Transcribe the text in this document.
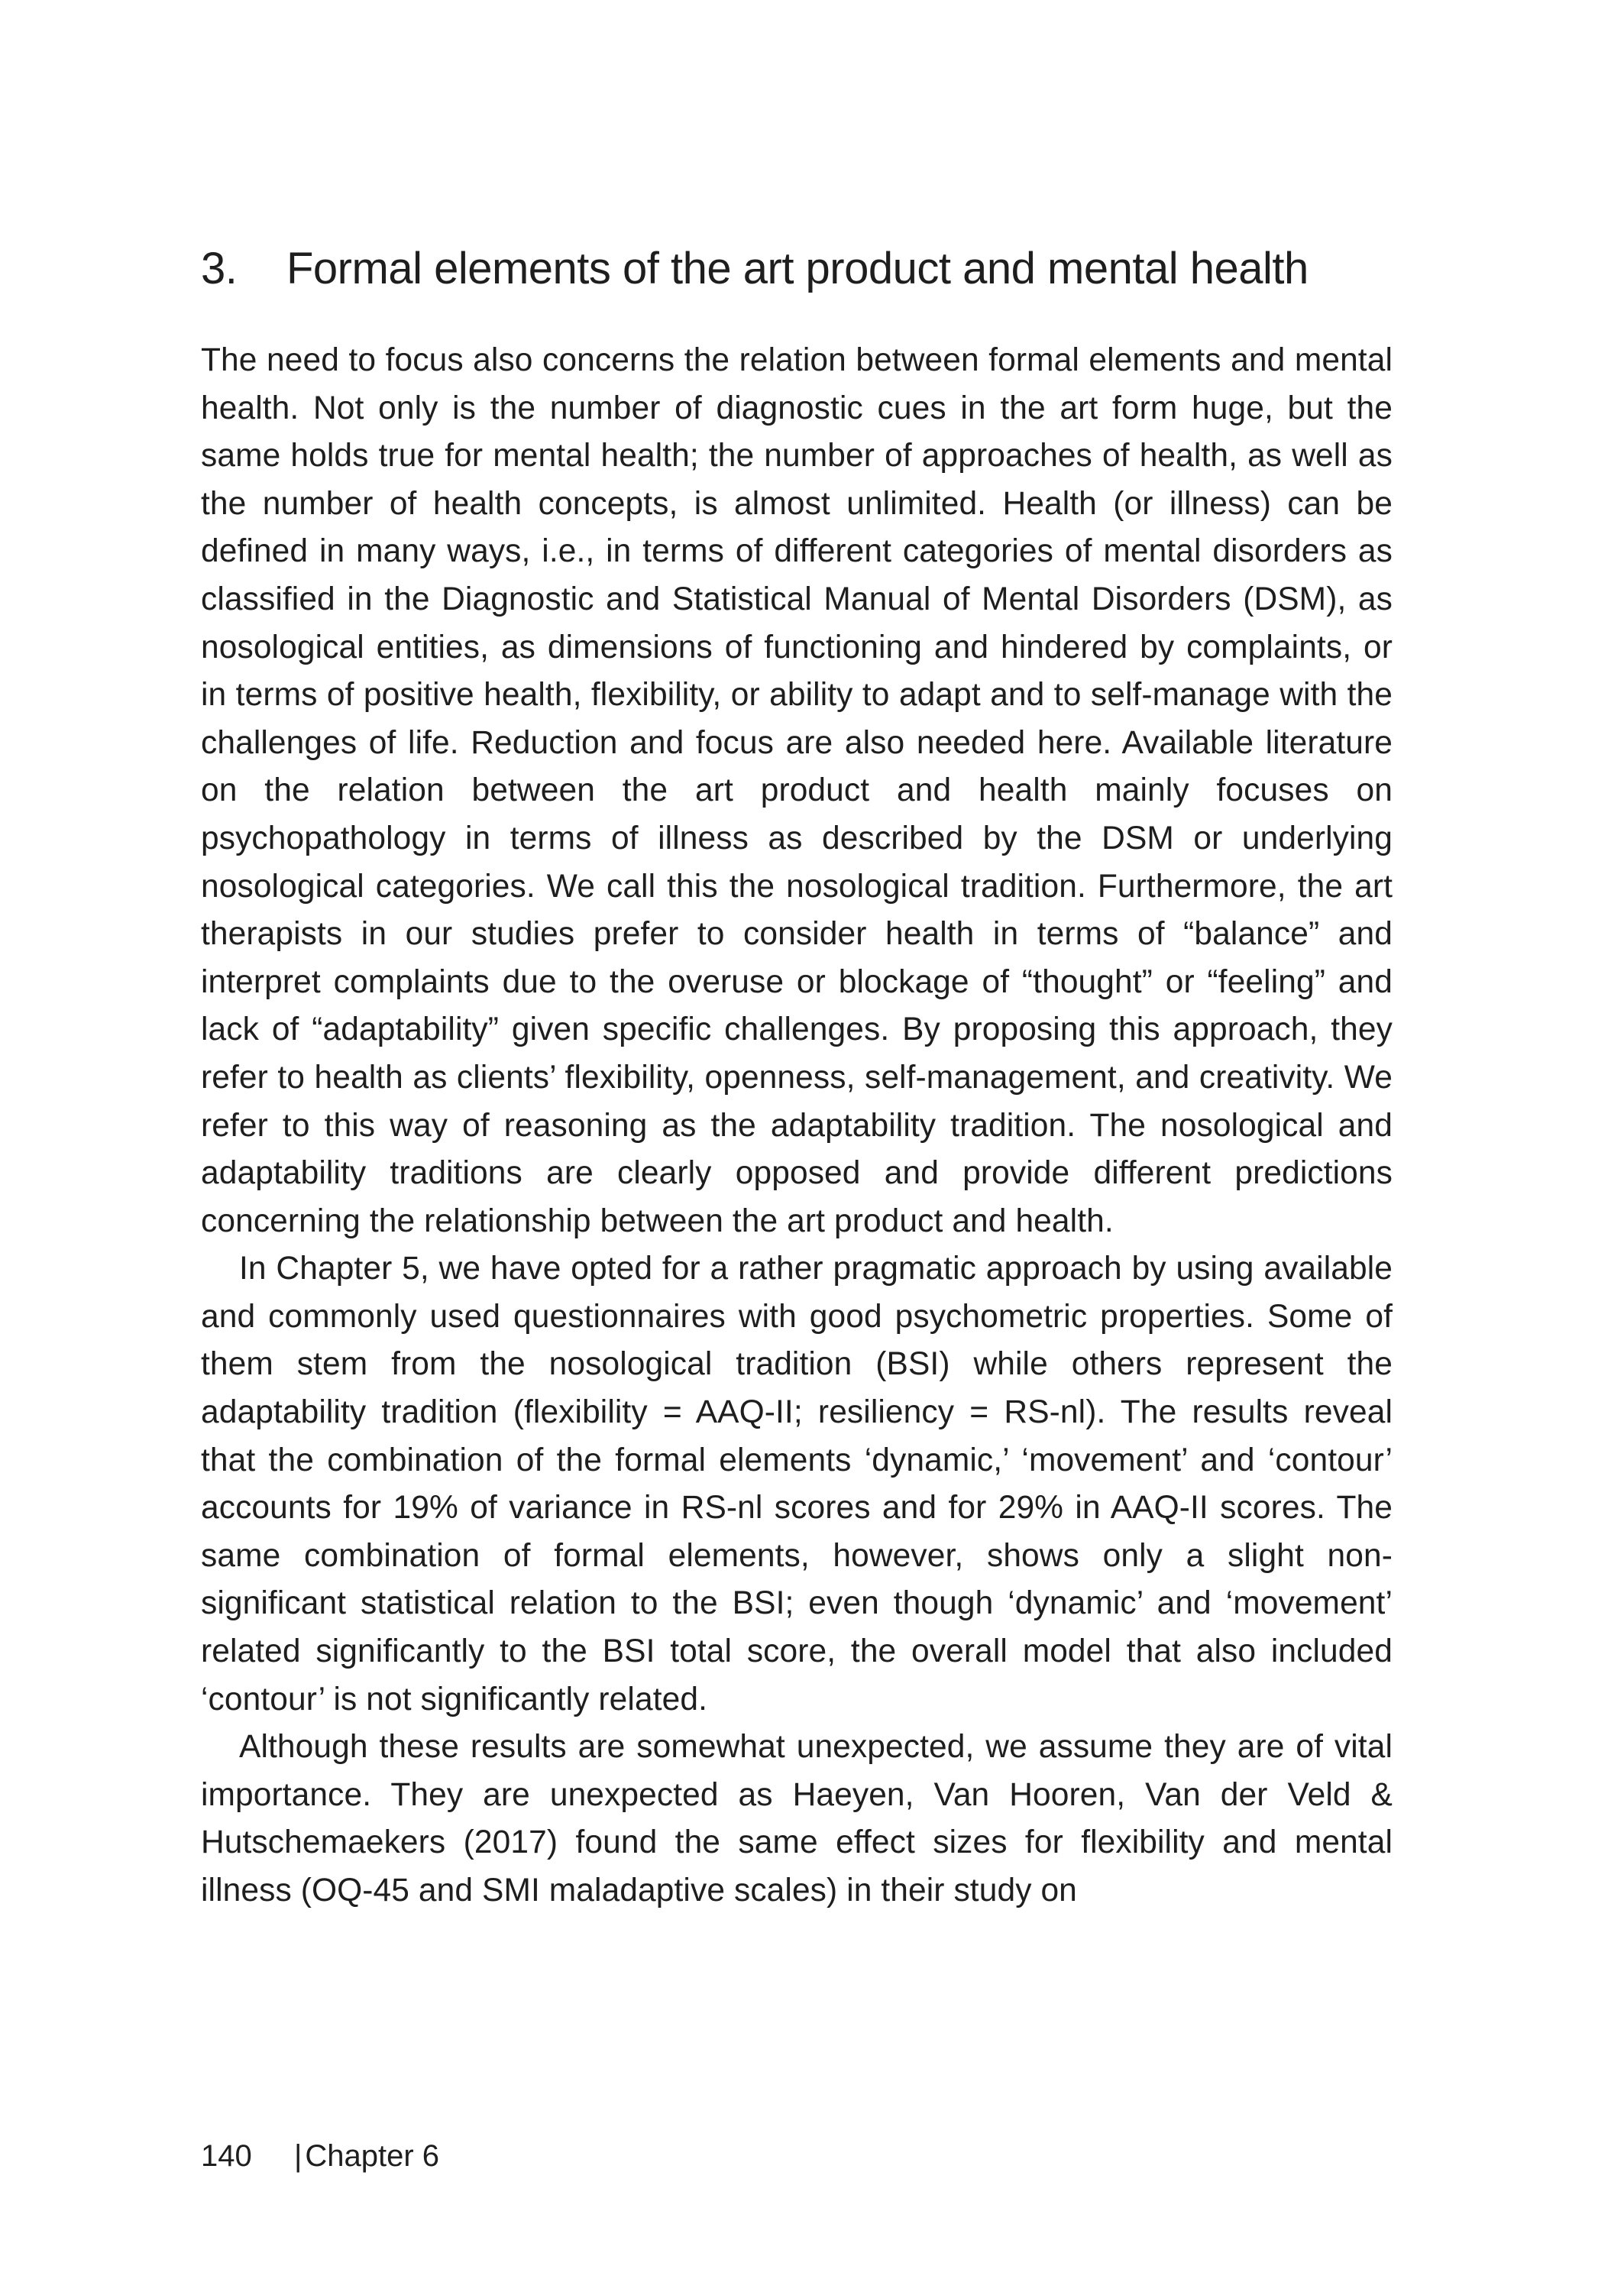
3. Formal elements of the art product and mental health

The need to focus also concerns the relation between formal elements and mental health. Not only is the number of diagnostic cues in the art form huge, but the same holds true for mental health; the number of approaches of health, as well as the number of health concepts, is almost unlimited. Health (or illness) can be defined in many ways, i.e., in terms of different categories of mental disorders as classified in the Diagnostic and Statistical Manual of Mental Disorders (DSM), as nosological entities, as dimensions of functioning and hindered by complaints, or in terms of positive health, flexibility, or ability to adapt and to self-manage with the challenges of life. Reduction and focus are also needed here. Available literature on the relation between the art product and health mainly focuses on psychopathology in terms of illness as described by the DSM or underlying nosological categories. We call this the nosological tradition. Furthermore, the art therapists in our studies prefer to consider health in terms of “balance” and interpret complaints due to the overuse or blockage of “thought” or “feeling” and lack of “adaptability” given specific challenges. By proposing this approach, they refer to health as clients’ flexibility, openness, self-management, and creativity. We refer to this way of reasoning as the adaptability tradition. The nosological and adaptability traditions are clearly opposed and provide different predictions concerning the relationship between the art product and health.

In Chapter 5, we have opted for a rather pragmatic approach by using available and commonly used questionnaires with good psychometric properties. Some of them stem from the nosological tradition (BSI) while others represent the adaptability tradition (flexibility = AAQ-II; resiliency = RS-nl). The results reveal that the combination of the formal elements ‘dynamic,’ ‘movement’ and ‘contour’ accounts for 19% of variance in RS-nl scores and for 29% in AAQ-II scores. The same combination of formal elements, however, shows only a slight non-significant statistical relation to the BSI; even though ‘dynamic’ and ‘movement’ related significantly to the BSI total score, the overall model that also included ‘contour’ is not significantly related.

Although these results are somewhat unexpected, we assume they are of vital importance. They are unexpected as Haeyen, Van Hooren, Van der Veld & Hutschemaekers (2017) found the same effect sizes for flexibility and mental illness (OQ-45 and SMI maladaptive scales) in their study on

140 | Chapter 6
